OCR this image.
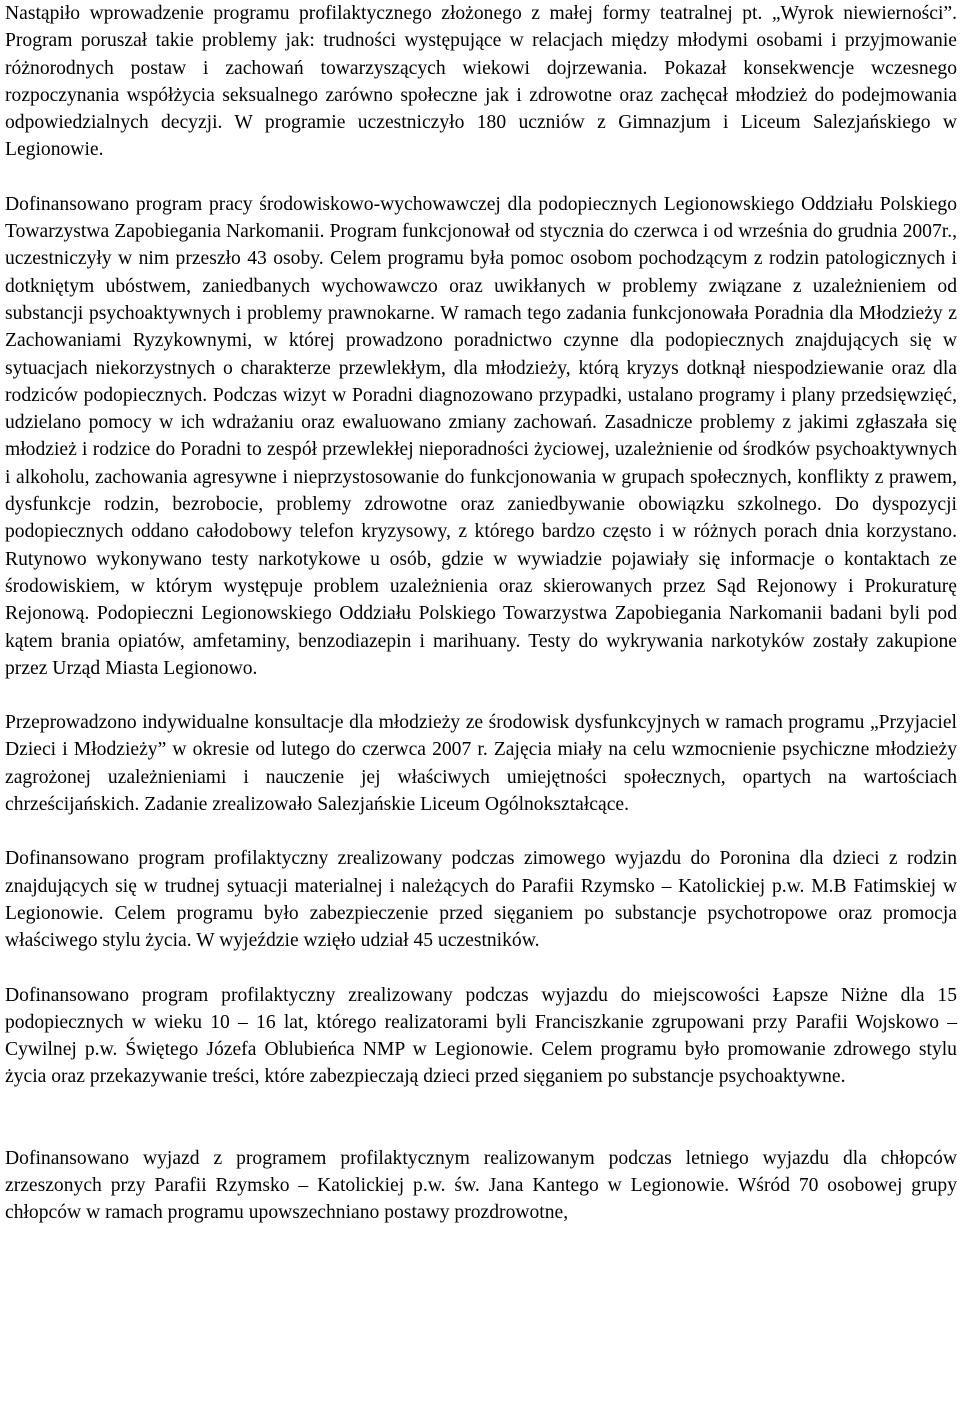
Nastąpiło wprowadzenie programu profilaktycznego złożonego z małej formy teatralnej pt. „Wyrok niewierności”. Program poruszał takie problemy jak: trudności występujące w relacjach między młodymi osobami i przyjmowanie różnorodnych postaw i zachowań towarzyszących wiekowi dojrzewania. Pokazał konsekwencje wczesnego rozpoczynania współżycia seksualnego zarówno społeczne jak i zdrowotne oraz zachęcał młodzież do podejmowania odpowiedzialnych decyzji. W programie uczestniczyło 180 uczniów z Gimnazjum i Liceum Salezjańskiego w Legionowie.

Dofinansowano program pracy środowiskowo-wychowawczej dla podopiecznych Legionowskiego Oddziału Polskiego Towarzystwa Zapobiegania Narkomanii. Program funkcjonował od stycznia do czerwca i od września do grudnia 2007r., uczestniczyły w nim przeszło 43 osoby. Celem programu była pomoc osobom pochodzącym z rodzin patologicznych i dotkniętym ubóstwem, zaniedbanych wychowawczo oraz uwikłanych w problemy związane z uzależnieniem od substancji psychoaktywnych i problemy prawnokarne. W ramach tego zadania funkcjonowała Poradnia dla Młodzieży z Zachowaniami Ryzykownymi, w której prowadzono poradnictwo czynne dla podopiecznych znajdujących się w sytuacjach niekorzystnych o charakterze przewlekłym, dla młodzieży, którą kryzys dotknął niespodziewanie oraz dla rodziców podopiecznych. Podczas wizyt w Poradni diagnozowano przypadki, ustalano programy i plany przedsięwzięć, udzielano pomocy w ich wdrażaniu oraz ewaluowano zmiany zachowań. Zasadnicze problemy z jakimi zgłaszała się młodzież i rodzice do Poradni to zespół przewlekłej nieporadności życiowej, uzależnienie od środków psychoaktywnych i alkoholu, zachowania agresywne i nieprzystosowanie do funkcjonowania w grupach społecznych, konflikty z prawem, dysfunkcje rodzin, bezrobocie, problemy zdrowotne oraz zaniedbywanie obowiązku szkolnego. Do dyspozycji podopiecznych oddano całodobowy telefon kryzysowy, z którego bardzo często i w różnych porach dnia korzystano. Rutynowo wykonywano testy narkotykowe u osób, gdzie w wywiadzie pojawiały się informacje o kontaktach ze środowiskiem, w którym występuje problem uzależnienia oraz skierowanych przez Sąd Rejonowy i Prokuraturę Rejonową. Podopieczni Legionowskiego Oddziału Polskiego Towarzystwa Zapobiegania Narkomanii badani byli pod kątem brania opiatów, amfetaminy, benzodiazepin i marihuany. Testy do wykrywania narkotyków zostały zakupione przez Urząd Miasta Legionowo.

Przeprowadzono indywidualne konsultacje dla młodzieży ze środowisk dysfunkcyjnych w ramach programu „Przyjaciel Dzieci i Młodzieży” w okresie od lutego do czerwca 2007 r. Zajęcia miały na celu wzmocnienie psychiczne młodzieży zagrożonej uzależnieniami i nauczenie jej właściwych umiejętności społecznych, opartych na wartościach chrześcijańskich. Zadanie zrealizowało Salezjańskie Liceum Ogólnokształcące.

Dofinansowano program profilaktyczny zrealizowany podczas zimowego wyjazdu do Poronina dla dzieci z rodzin znajdujących się w trudnej sytuacji materialnej i należących do Parafii Rzymsko – Katolickiej p.w. M.B Fatimskiej w Legionowie. Celem programu było zabezpieczenie przed sięganiem po substancje psychotropowe oraz promocja właściwego stylu życia. W wyjeździe wzięło udział 45 uczestników.

Dofinansowano program profilaktyczny zrealizowany podczas wyjazdu do miejscowości Łapsze Niżne dla 15 podopiecznych w wieku 10 – 16 lat, którego realizatorami byli Franciszkanie zgrupowani przy Parafii Wojskowo – Cywilnej p.w. Świętego Józefa Oblubieńca NMP w Legionowie. Celem programu było promowanie zdrowego stylu życia oraz przekazywanie treści, które zabezpieczają dzieci przed sięganiem po substancje psychoaktywne.

Dofinansowano wyjazd z programem profilaktycznym realizowanym podczas letniego wyjazdu dla chłopców zrzeszonych przy Parafii Rzymsko – Katolickiej p.w. św. Jana Kantego w Legionowie. Wśród 70 osobowej grupy chłopców w ramach programu upowszechniano postawy prozdrowotne,
